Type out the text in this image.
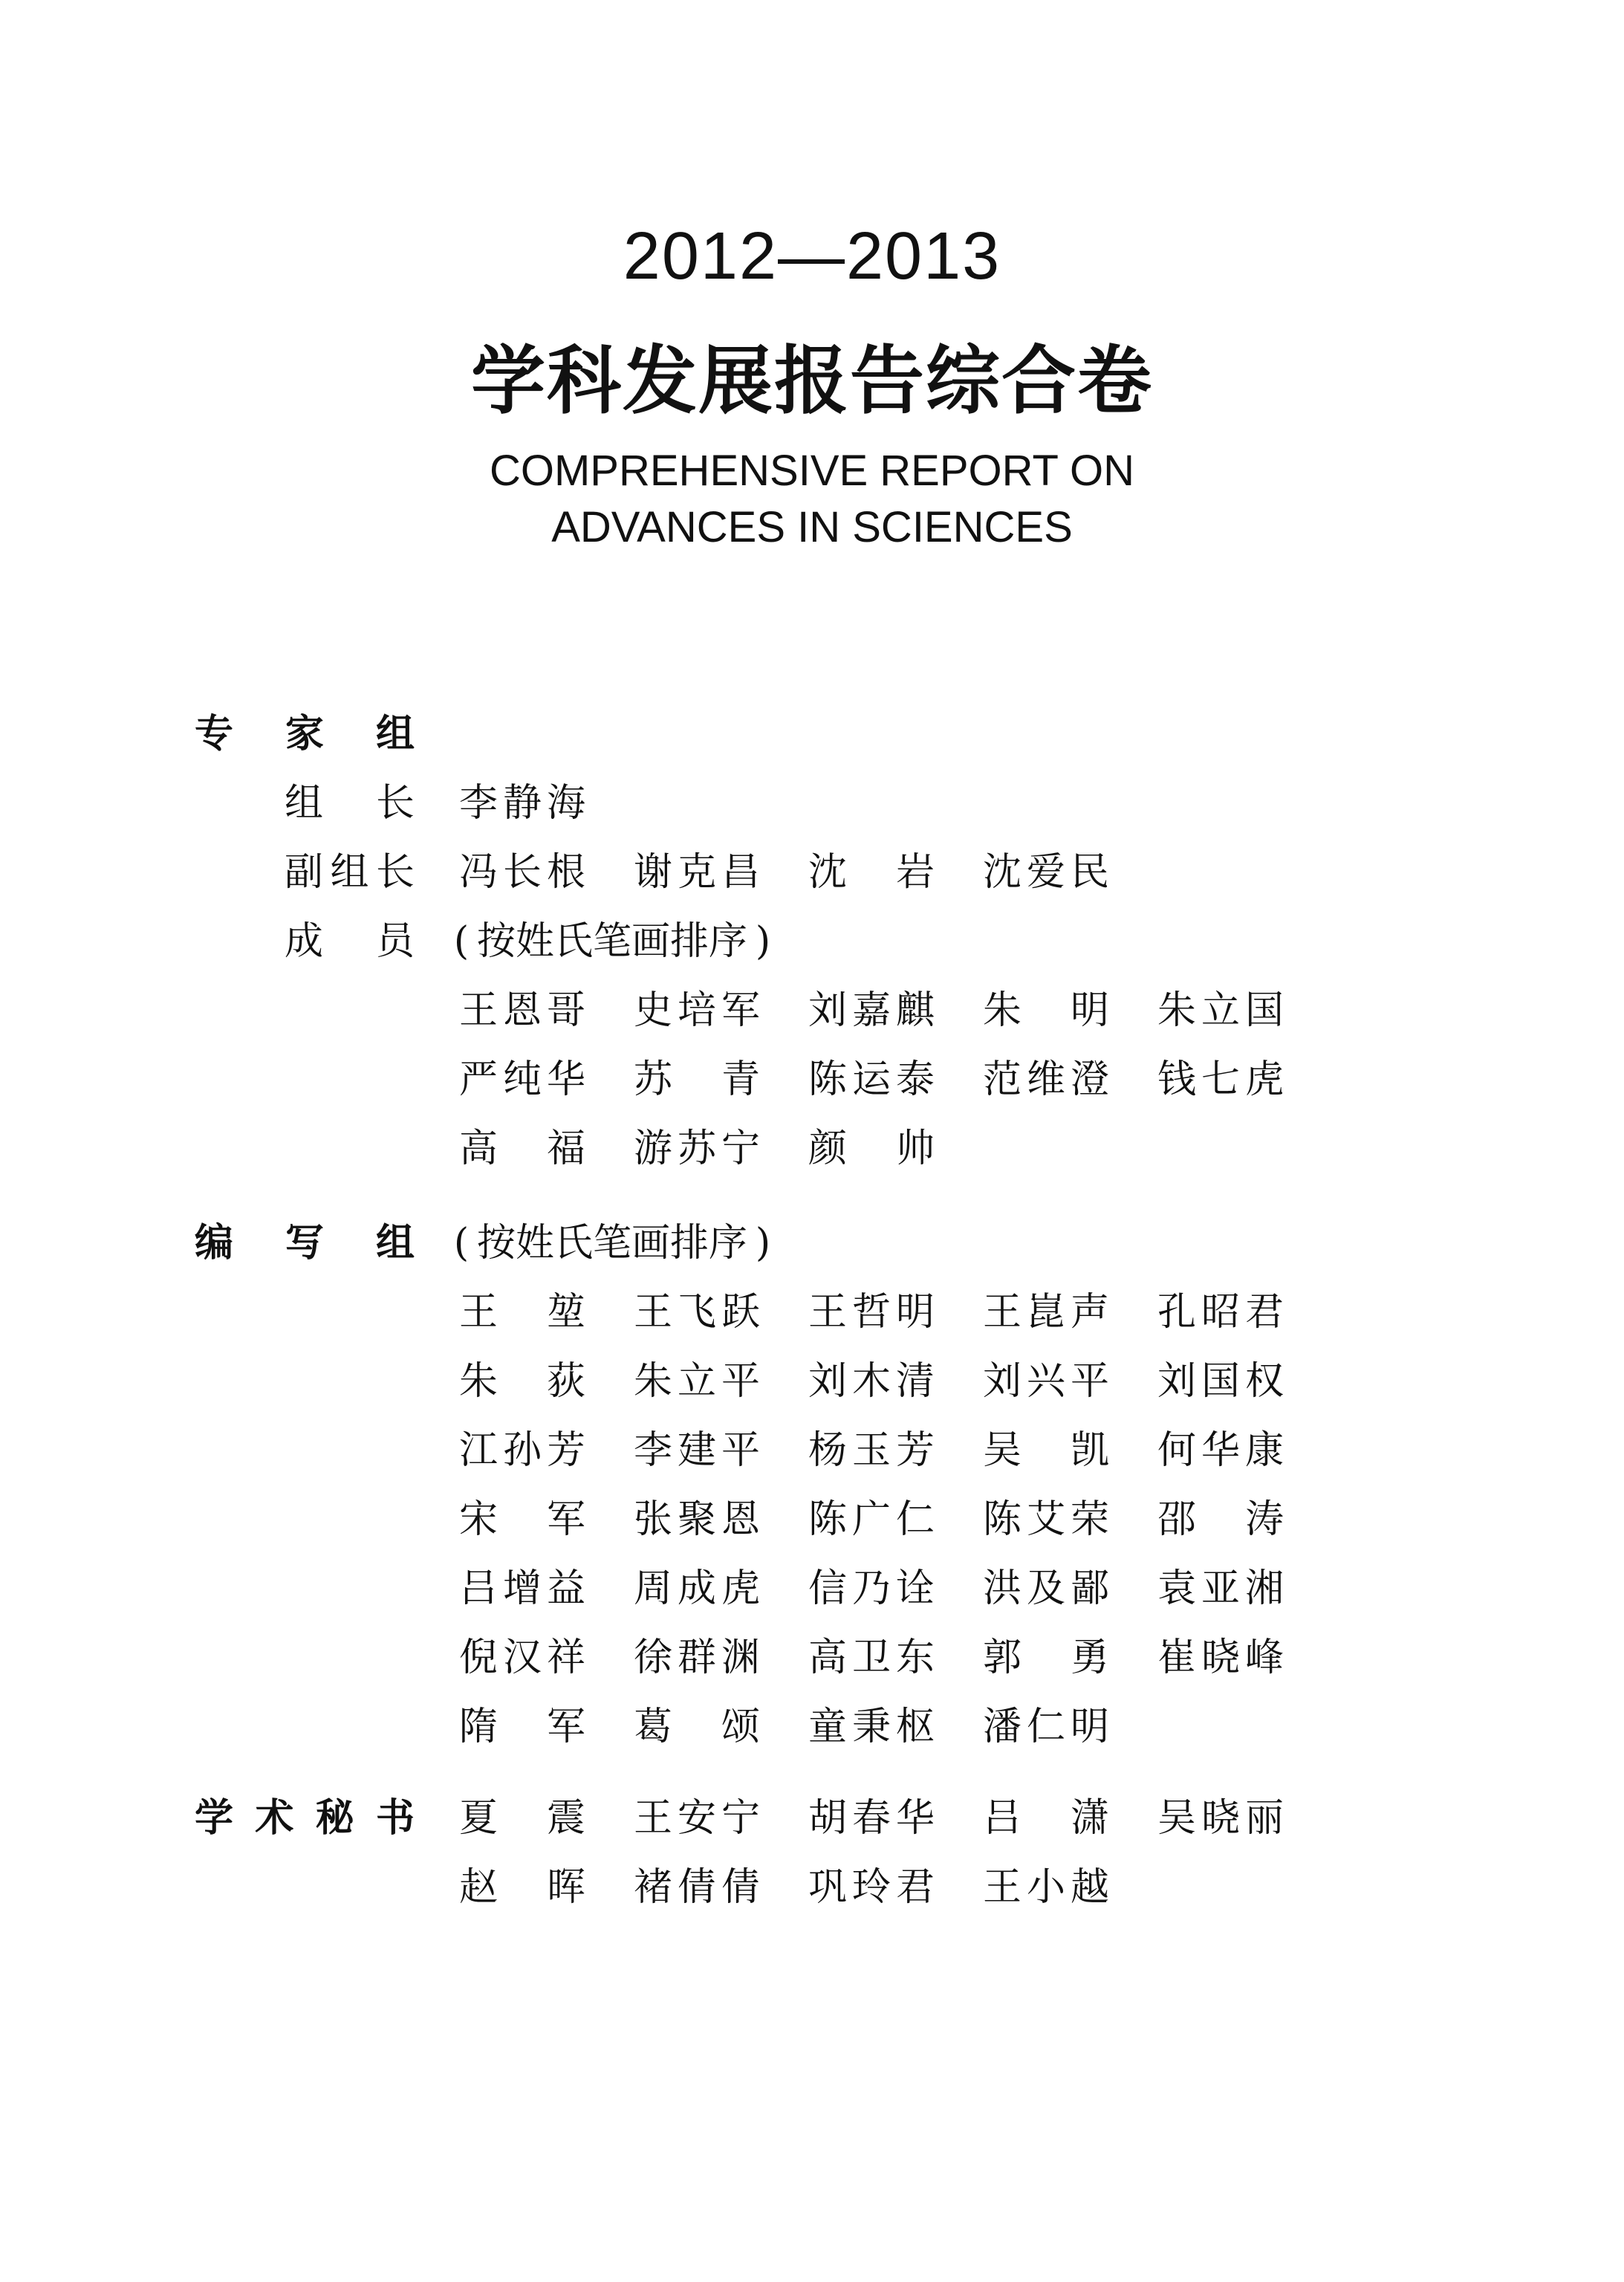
2012—2013
学科发展报告综合卷
COMPREHENSIVE REPORT ON
ADVANCES IN SCIENCES
专 家 组
组 长 李 静 海
副 组 长 冯 长 根 谢 克 昌 沈 岩 沈 爱 民
成 员 ( 按姓氏笔画排序 )
王 恩 哥 史 培 军 刘 嘉 麒 朱 明 朱 立 国
严 纯 华 苏 青 陈 运 泰 范 维 澄 钱 七 虎
高 福 游 苏 宁 颜 帅
编 写 组 ( 按姓氏笔画排序 )
王 堃 王 飞 跃 王 哲 明 王 崑 声 孔 昭 君
朱 荻 朱 立 平 刘 木 清 刘 兴 平 刘 国 权
江 孙 芳 李 建 平 杨 玉 芳 吴 凯 何 华 康
宋 军 张 聚 恩 陈 广 仁 陈 艾 荣 邵 涛
吕 增 益 周 成 虎 信 乃 诠 洪 及 鄙 袁 亚 湘
倪 汉 祥 徐 群 渊 高 卫 东 郭 勇 崔 晓 峰
隋 军 葛 颂 童 秉 枢 潘 仁 明
学 术 秘 书 夏 震 王 安 宁 胡 春 华 吕 潇 吴 晓 丽
赵 晖 褚 倩 倩 巩 玲 君 王 小 越
